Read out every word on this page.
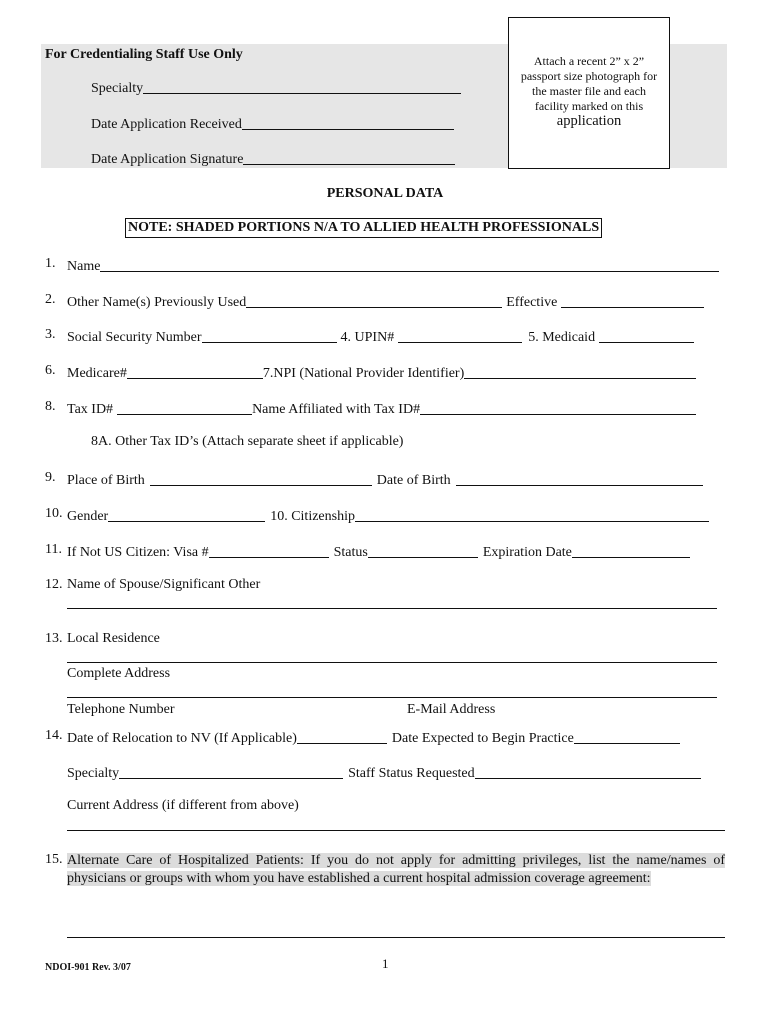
For Credentialing Staff Use Only
Specialty
Date Application Received
Date Application Signature
Attach a recent 2” x 2”
passport size photograph for
the master file and each
facility marked on this
application
PERSONAL DATA
NOTE: SHADED PORTIONS N/A TO ALLIED HEALTH PROFESSIONALS
1. Name
2. Other Name(s) Previously Used	Effective
3. Social Security Number	4. UPIN#	5. Medicaid
6. Medicare#	7.NPI (National Provider Identifier)
8. Tax ID#	Name Affiliated with Tax ID#
8A. Other Tax ID’s (Attach separate sheet if applicable)
9. Place of Birth	Date of Birth
10. Gender	10. Citizenship
11. If Not US Citizen: Visa #	Status	Expiration Date
12. Name of Spouse/Significant Other
13. Local Residence
Complete Address
Telephone Number	E-Mail Address
14. Date of Relocation to NV (If Applicable)	Date Expected to Begin Practice
Specialty	Staff Status Requested
Current Address (if different from above)
15. Alternate Care of Hospitalized Patients: If you do not apply for admitting privileges, list the name/names of physicians or groups with whom you have established a current hospital admission coverage agreement:
NDOI-901 Rev. 3/07	1
